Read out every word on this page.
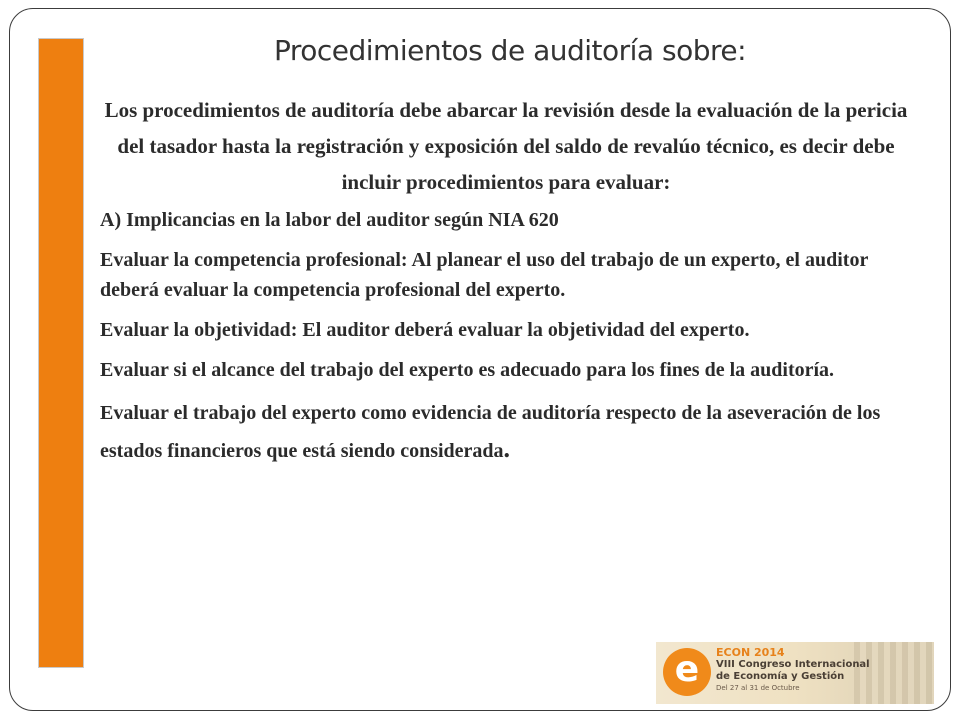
Procedimientos de auditoría sobre:

Los procedimientos de auditoría debe abarcar la revisión desde la evaluación de la pericia del tasador hasta la registración y exposición del saldo de revalúo técnico, es decir debe incluir procedimientos para evaluar:

A) Implicancias en la labor del auditor según NIA 620

Evaluar la competencia profesional: Al planear el uso del trabajo de un experto, el auditor deberá evaluar la competencia profesional del experto.

Evaluar la objetividad: El auditor deberá evaluar la objetividad del experto.

Evaluar si el alcance del trabajo del experto es adecuado para los fines de la auditoría.

Evaluar el trabajo del experto como evidencia de auditoría respecto de la aseveración de los estados financieros que está siendo considerada.

e ECON 2014
VIII Congreso Internacional
de Economía y Gestión
Del 27 al 31 de Octubre
